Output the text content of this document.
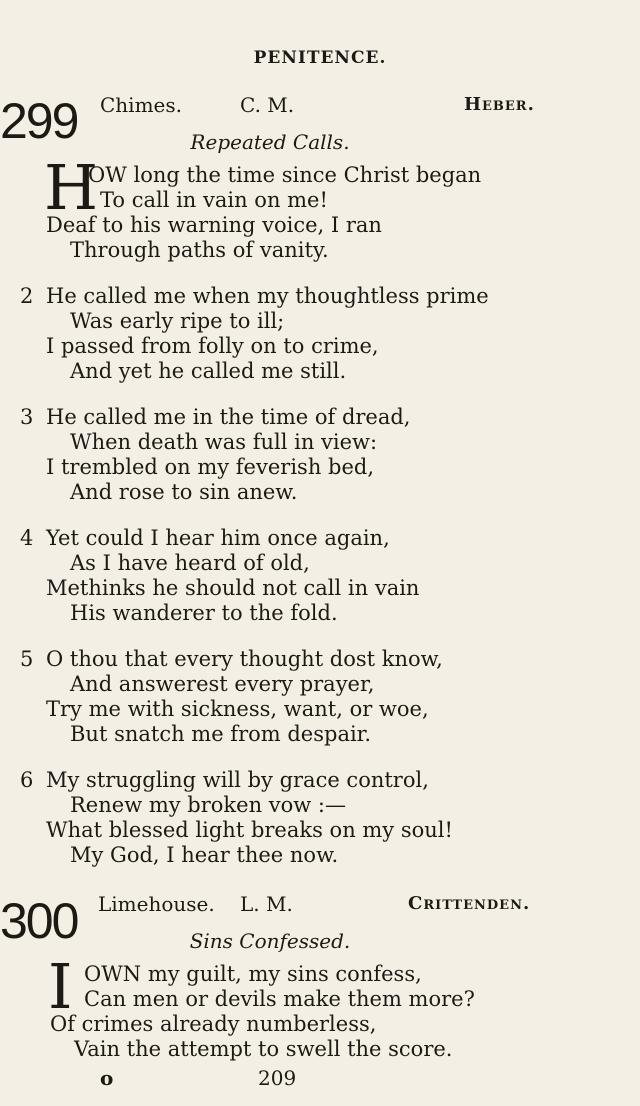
PENITENCE.
299 Chimes.	C. M.	Heber.
Repeated Calls.
H
OW long the time since Christ began
To call in vain on me!
Deaf to his warning voice, I ran
Through paths of vanity.
2 He called me when my thoughtless prime
Was early ripe to ill;
I passed from folly on to crime,
And yet he called me still.
3 He called me in the time of dread,
When death was full in view:
I trembled on my feverish bed,
And rose to sin anew.
4 Yet could I hear him once again,
As I have heard of old,
Methinks he should not call in vain
His wanderer to the fold.
5 O thou that every thought dost know,
And answerest every prayer,
Try me with sickness, want, or woe,
But snatch me from despair.
6 My struggling will by grace control,
Renew my broken vow :—
What blessed light breaks on my soul!
My God, I hear thee now.
300 Limehouse. L. M.	Crittenden.
Sins Confessed.
I OWN my guilt, my sins confess,
Can men or devils make them more?
Of crimes already numberless,
Vain the attempt to swell the score.
o	209
